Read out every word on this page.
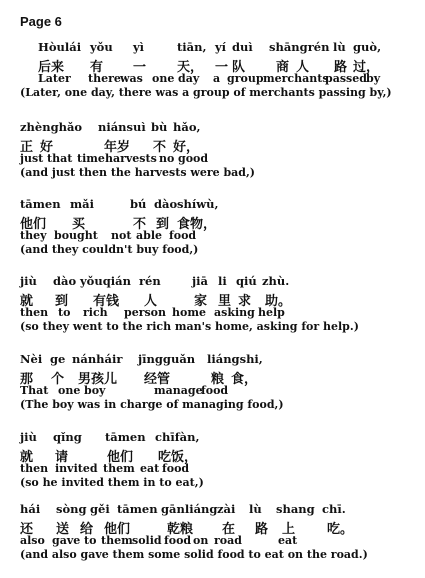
Page 6
Hòulái yǒu yì	tiān, yí duì shāngrén lù guò,
后来 有 一 天， 一 队 商 人 路 过，
Later there was one day a group merchants
passed by
(Later, one day, there was a group of merchants passing by,)
zhènghǎo niánsuì bù hǎo,
正 好	年岁 不 好，
just that time harvests no good
(and just then the harvests were bad,)
tāmen mǎi	bú dào shíwù,
他们 买	不 到 食物，
they bought not able food
(and they couldn't buy food,)
jiù dào yǒuqián rén	jiā li qiú zhù.
就 到 有钱 人	家 里 求 助。
then to rich person home asking help
(so they went to the rich man's home, asking for help.)
Nèi ge nánháir jīngguǎn liángshi,
那 个 男孩儿 经管	粮 食，
That one boy	manage
food
(The boy was in charge of managing food,)
jiù qǐng tāmen chīfàn,
就 请	他们 吃饭，
then invited them eat food
(so he invited them in to eat,)
hái sòng gěi tāmen gānliáng zài lù shang chī.
还 送 给 他们	乾粮 在 路 上 吃。
also gave to them solid food on road	eat
(and also gave them some solid food to eat on the road.)
